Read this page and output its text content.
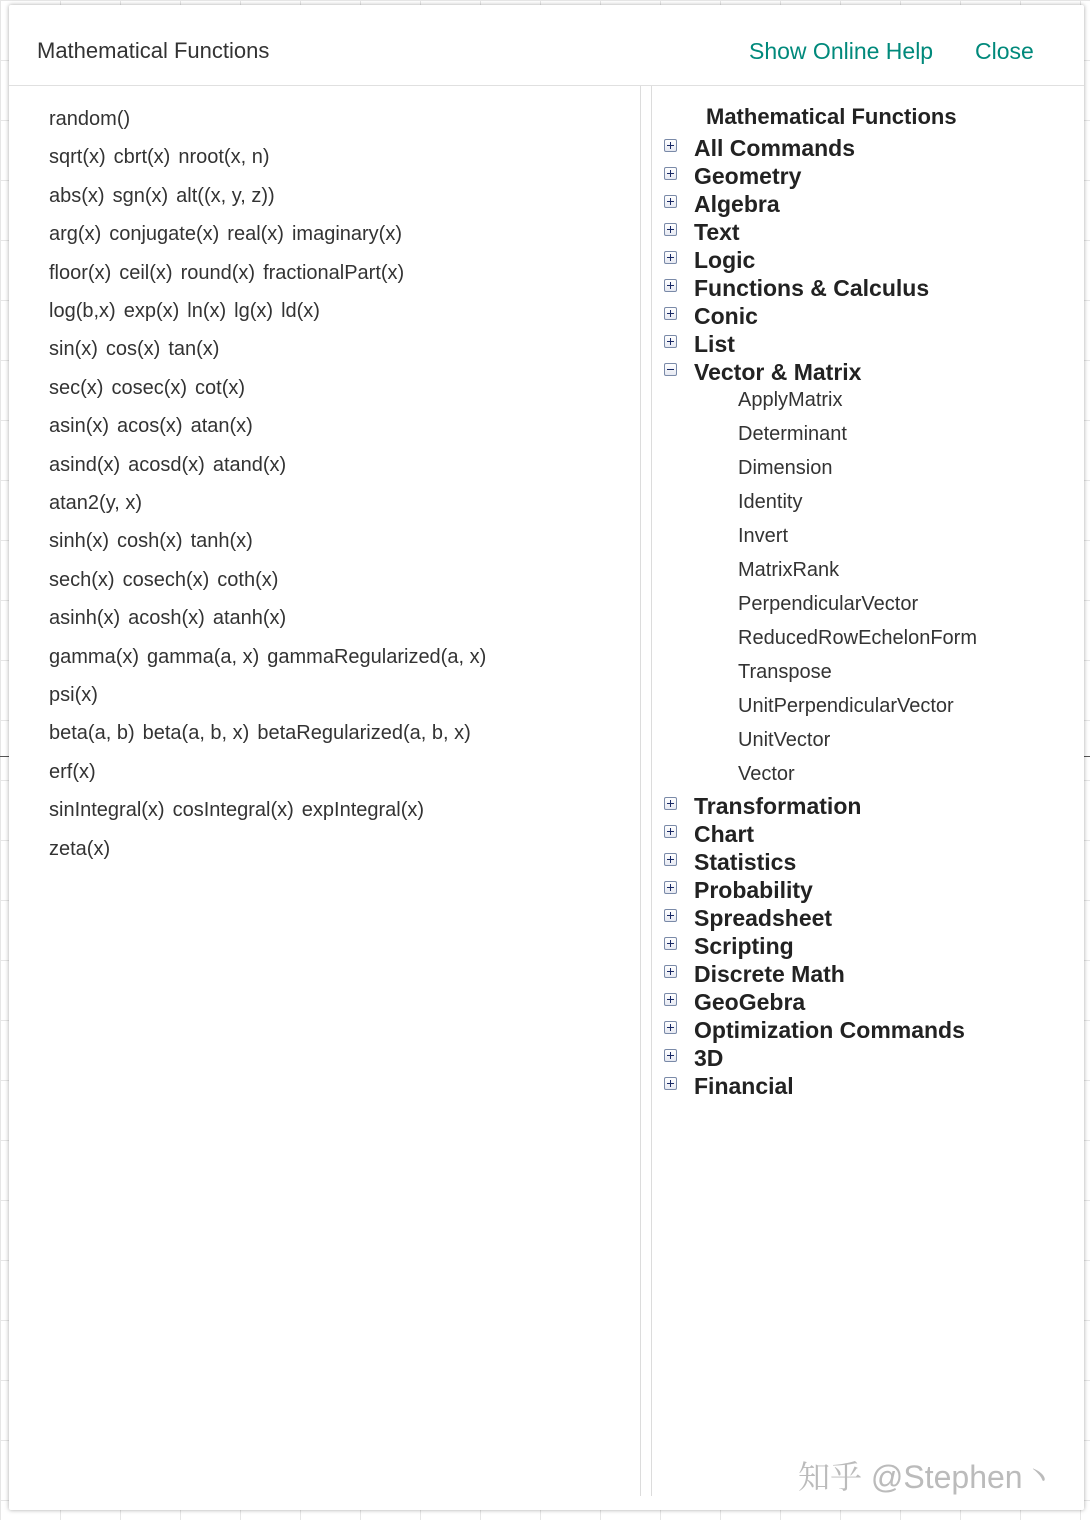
Mathematical Functions	Show Online Help Close
random()
sqrt(x) cbrt(x) nroot(x, n)
abs(x) sgn(x) alt((x, y, z))
arg(x) conjugate(x) real(x) imaginary(x)
floor(x) ceil(x) round(x) fractionalPart(x)
log(b,x) exp(x) ln(x) lg(x) ld(x)
sin(x) cos(x) tan(x)
sec(x) cosec(x) cot(x)
asin(x) acos(x) atan(x)
asind(x) acosd(x) atand(x)
atan2(y, x)
sinh(x) cosh(x) tanh(x)
sech(x) cosech(x) coth(x)
asinh(x) acosh(x) atanh(x)
gamma(x) gamma(a, x) gammaRegularized(a, x)
psi(x)
beta(a, b) beta(a, b, x) betaRegularized(a, b, x)
erf(x)
sinIntegral(x) cosIntegral(x) expIntegral(x)
zeta(x)
Mathematical Functions
All Commands
Geometry
Algebra
Text
Logic
Functions & Calculus
Conic
List
Vector & Matrix
ApplyMatrix
Determinant
Dimension
Identity
Invert
MatrixRank
PerpendicularVector
ReducedRowEchelonForm
Transpose
UnitPerpendicularVector
UnitVector
Vector
Transformation
Chart
Statistics
Probability
Spreadsheet
Scripting
Discrete Math
GeoGebra
Optimization Commands
3D
Financial
知乎 @Stephen丶
